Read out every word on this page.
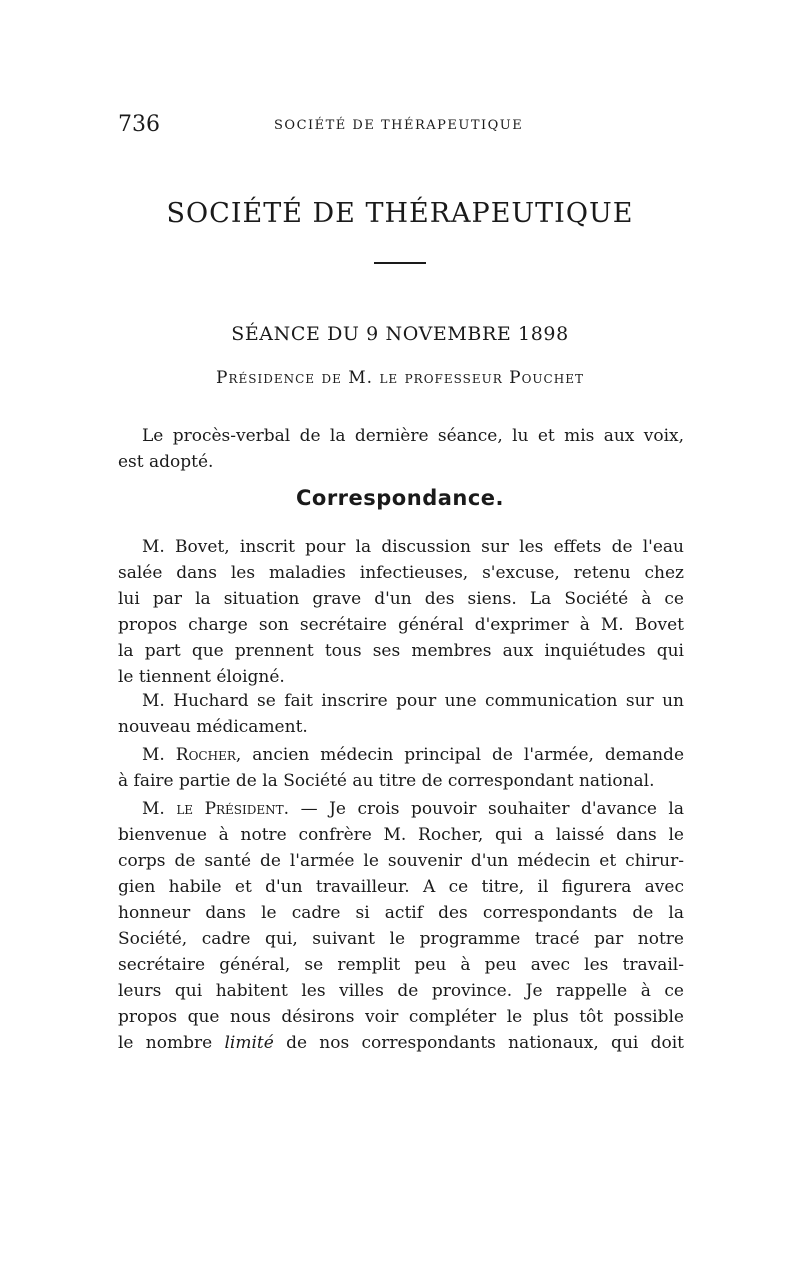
736	SOCIÉTÉ DE THÉRAPEUTIQUE
SOCIÉTÉ DE THÉRAPEUTIQUE
SÉANCE DU 9 NOVEMBRE 1898
Présidence de M. le professeur Pouchet
Le procès-verbal de la dernière séance, lu et mis aux voix,
est adopté.
Correspondance.
M. Bovet, inscrit pour la discussion sur les effets de l'eau
salée dans les maladies infectieuses, s'excuse, retenu chez
lui par la situation grave d'un des siens. La Société à ce
propos charge son secrétaire général d'exprimer à M. Bovet
la part que prennent tous ses membres aux inquiétudes qui
le tiennent éloigné.
M. Huchard se fait inscrire pour une communication sur un
nouveau médicament.
M. Rocher, ancien médecin principal de l'armée, demande
à faire partie de la Société au titre de correspondant national.
M. le Président. — Je crois pouvoir souhaiter d'avance la
bienvenue à notre confrère M. Rocher, qui a laissé dans le
corps de santé de l'armée le souvenir d'un médecin et chirur-
gien habile et d'un travailleur. A ce titre, il figurera avec
honneur dans le cadre si actif des correspondants de la
Société, cadre qui, suivant le programme tracé par notre
secrétaire général, se remplit peu à peu avec les travail-
leurs qui habitent les villes de province. Je rappelle à ce
propos que nous désirons voir compléter le plus tôt possible
le nombre limité de nos correspondants nationaux, qui doit
